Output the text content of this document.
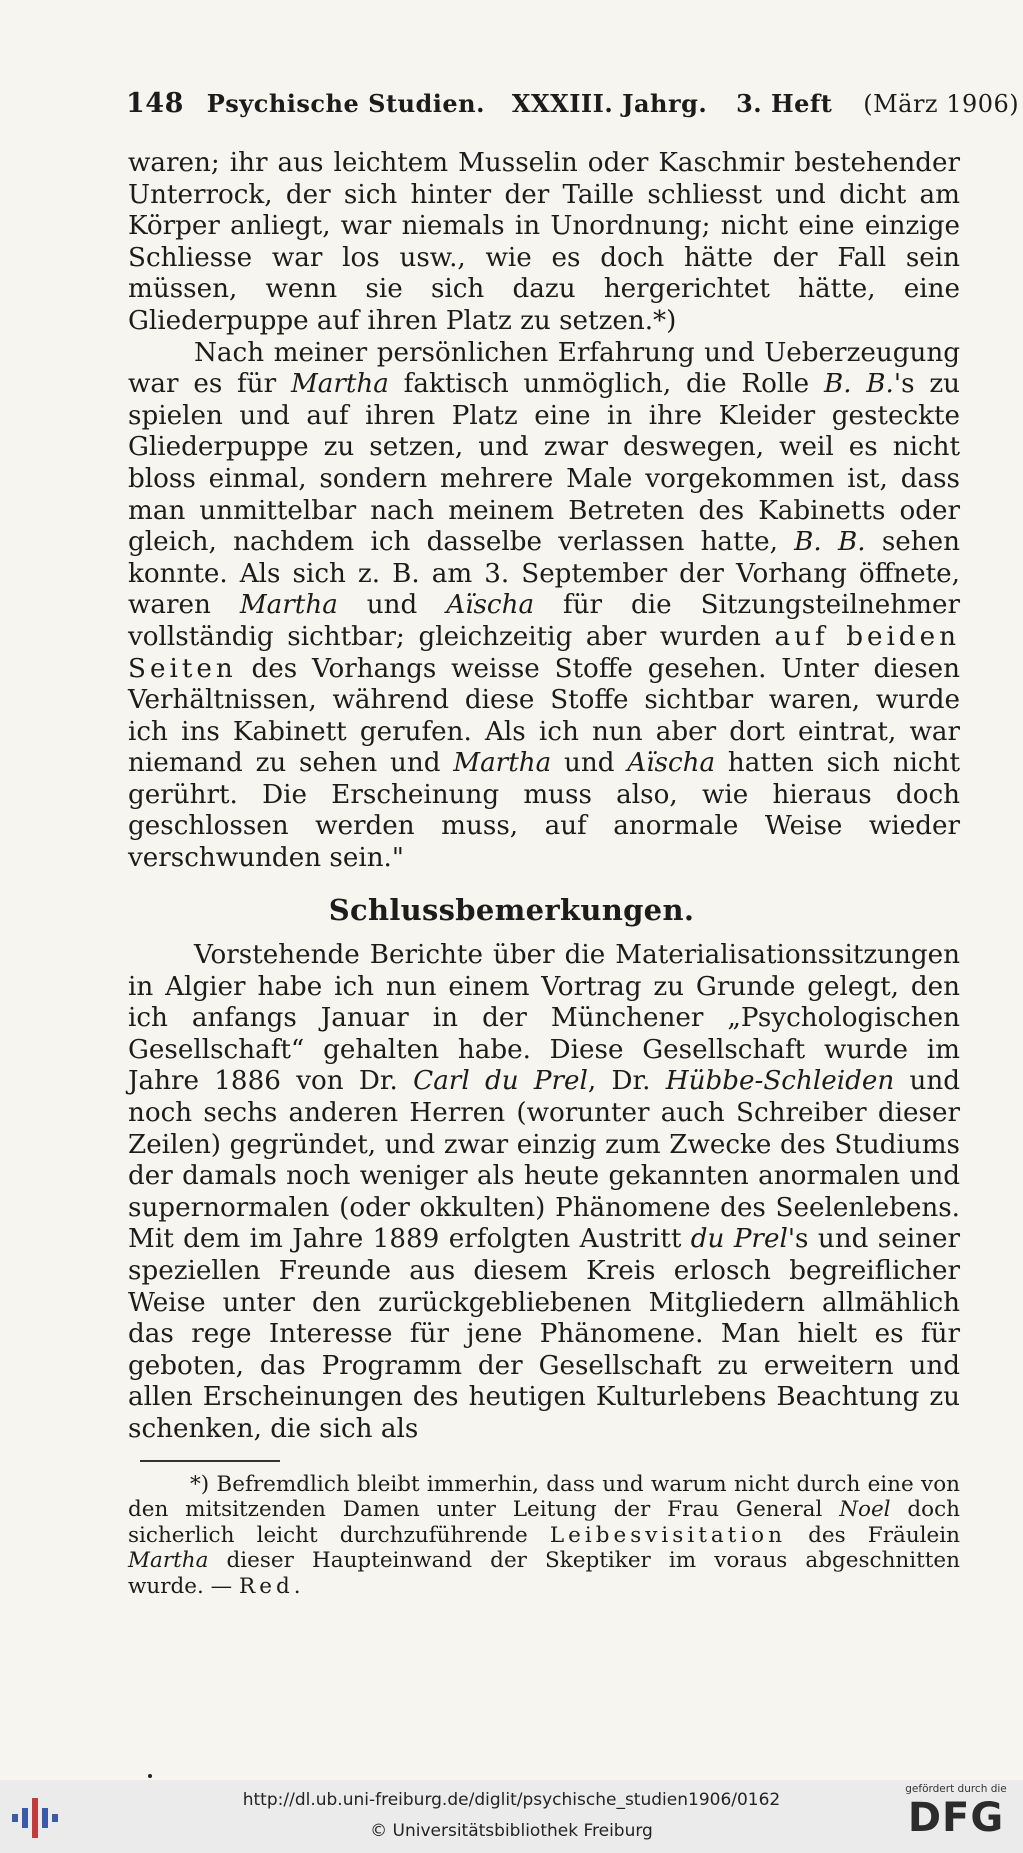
148 Psychische Studien. XXXIII. Jahrg. 3. Heft (März 1906)

waren; ihr aus leichtem Musselin oder Kaschmir bestehender Unterrock, der sich hinter der Taille schliesst und dicht am Körper anliegt, war niemals in Unordnung; nicht eine einzige Schliesse war los usw., wie es doch hätte der Fall sein müssen, wenn sie sich dazu hergerichtet hätte, eine Gliederpuppe auf ihren Platz zu setzen.*)

Nach meiner persönlichen Erfahrung und Ueberzeugung war es für Martha faktisch unmöglich, die Rolle B. B.'s zu spielen und auf ihren Platz eine in ihre Kleider gesteckte Gliederpuppe zu setzen, und zwar deswegen, weil es nicht bloss einmal, sondern mehrere Male vorgekommen ist, dass man unmittelbar nach meinem Betreten des Kabinetts oder gleich, nachdem ich dasselbe verlassen hatte, B. B. sehen konnte. Als sich z. B. am 3. September der Vorhang öffnete, waren Martha und Aïscha für die Sitzungsteilnehmer vollständig sichtbar; gleichzeitig aber wurden auf beiden Seiten des Vorhangs weisse Stoffe gesehen. Unter diesen Verhältnissen, während diese Stoffe sichtbar waren, wurde ich ins Kabinett gerufen. Als ich nun aber dort eintrat, war niemand zu sehen und Martha und Aïscha hatten sich nicht gerührt. Die Erscheinung muss also, wie hieraus doch geschlossen werden muss, auf anormale Weise wieder verschwunden sein."

Schlussbemerkungen.

Vorstehende Berichte über die Materialisationssitzungen in Algier habe ich nun einem Vortrag zu Grunde gelegt, den ich anfangs Januar in der Münchener „Psychologischen Gesellschaft“ gehalten habe. Diese Gesellschaft wurde im Jahre 1886 von Dr. Carl du Prel, Dr. Hübbe-Schleiden und noch sechs anderen Herren (worunter auch Schreiber dieser Zeilen) gegründet, und zwar einzig zum Zwecke des Studiums der damals noch weniger als heute gekannten anormalen und supernormalen (oder okkulten) Phänomene des Seelenlebens. Mit dem im Jahre 1889 erfolgten Austritt du Prel's und seiner speziellen Freunde aus diesem Kreis erlosch begreiflicher Weise unter den zurückgebliebenen Mitgliedern allmählich das rege Interesse für jene Phänomene. Man hielt es für geboten, das Programm der Gesellschaft zu erweitern und allen Erscheinungen des heutigen Kulturlebens Beachtung zu schenken, die sich als

*) Befremdlich bleibt immerhin, dass und warum nicht durch eine von den mitsitzenden Damen unter Leitung der Frau General Noel doch sicherlich leicht durchzuführende Leibesvisitation des Fräulein Martha dieser Haupteinwand der Skeptiker im voraus abgeschnitten wurde. — Red.

http://dl.ub.uni-freiburg.de/diglit/psychische_studien1906/0162
© Universitätsbibliothek Freiburg
gefördert durch die
DFG
